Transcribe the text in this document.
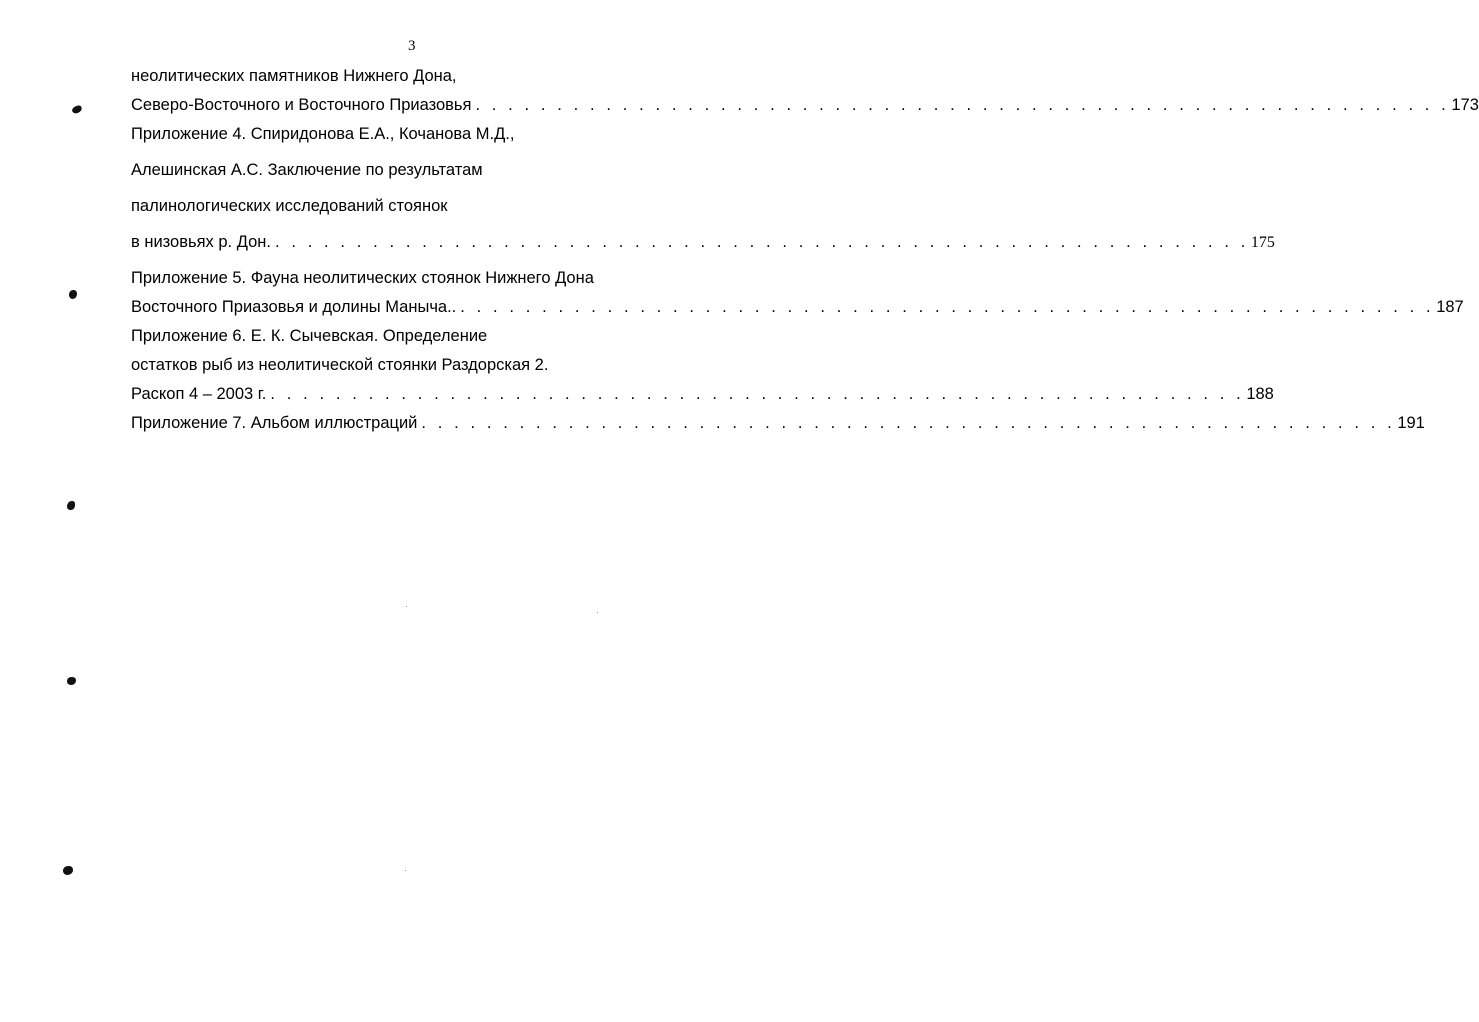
3
неолитических памятников Нижнего Дона,
Северо-Восточного и Восточного Приазовья . . . . . . . . . . . . . . . . . . . . . . . . . . . . . . . . . . . . . . . . . . . . . . . . . . . . . . . . . . . . 173
Приложение 4. Спиридонова Е.А., Кочанова М.Д.,
Алешинская А.С. Заключение по результатам
палинологических исследований стоянок
в низовьях р. Дон. . . . . . . . . . . . . . . . . . . . . . . . . . . . . . . . . . . . . . . . . . . . . . . . . . . . . . . . . . . . . 175
Приложение 5. Фауна неолитических стоянок Нижнего Дона
Восточного Приазовья и долины Маныча.. . . . . . . . . . . . . . . . . . . . . . . . . . . . . . . . . . . . . . . . . . . . . . . . . . . . . . . . . . . . . 187
Приложение 6. Е. К. Сычевская. Определение
остатков рыб из неолитической стоянки Раздорская 2.
Раскоп 4 – 2003 г. . . . . . . . . . . . . . . . . . . . . . . . . . . . . . . . . . . . . . . . . . . . . . . . . . . . . . . . . . . . . 188
Приложение 7. Альбом иллюстраций . . . . . . . . . . . . . . . . . . . . . . . . . . . . . . . . . . . . . . . . . . . . . . . . . . . . . . . . . . . . 191
